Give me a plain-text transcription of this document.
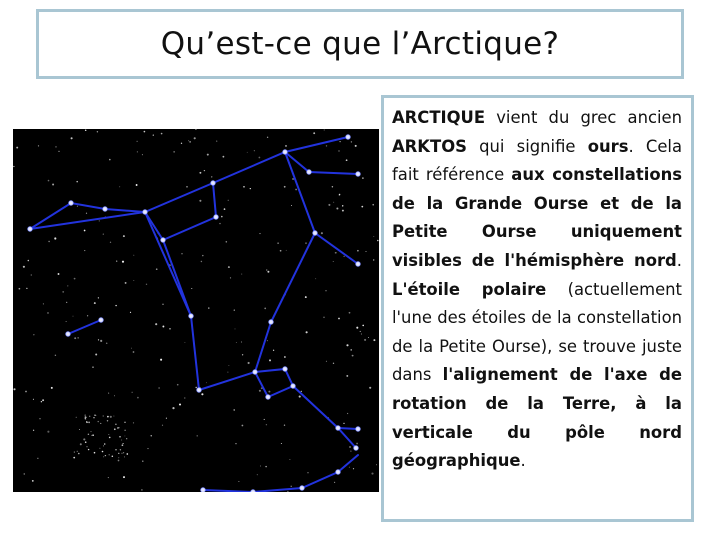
Qu’est-ce que l’Arctique?

ARCTIQUE vient du grec ancien ARKTOS qui signifie ours. Cela fait référence aux constellations de la Grande Ourse et de la Petite Ourse uniquement visibles de l'hémisphère nord. L'étoile polaire (actuellement l'une des étoiles de la constellation de la Petite Ourse), se trouve juste dans l'alignement de l'axe de rotation de la Terre, à la verticale du pôle nord géographique.
